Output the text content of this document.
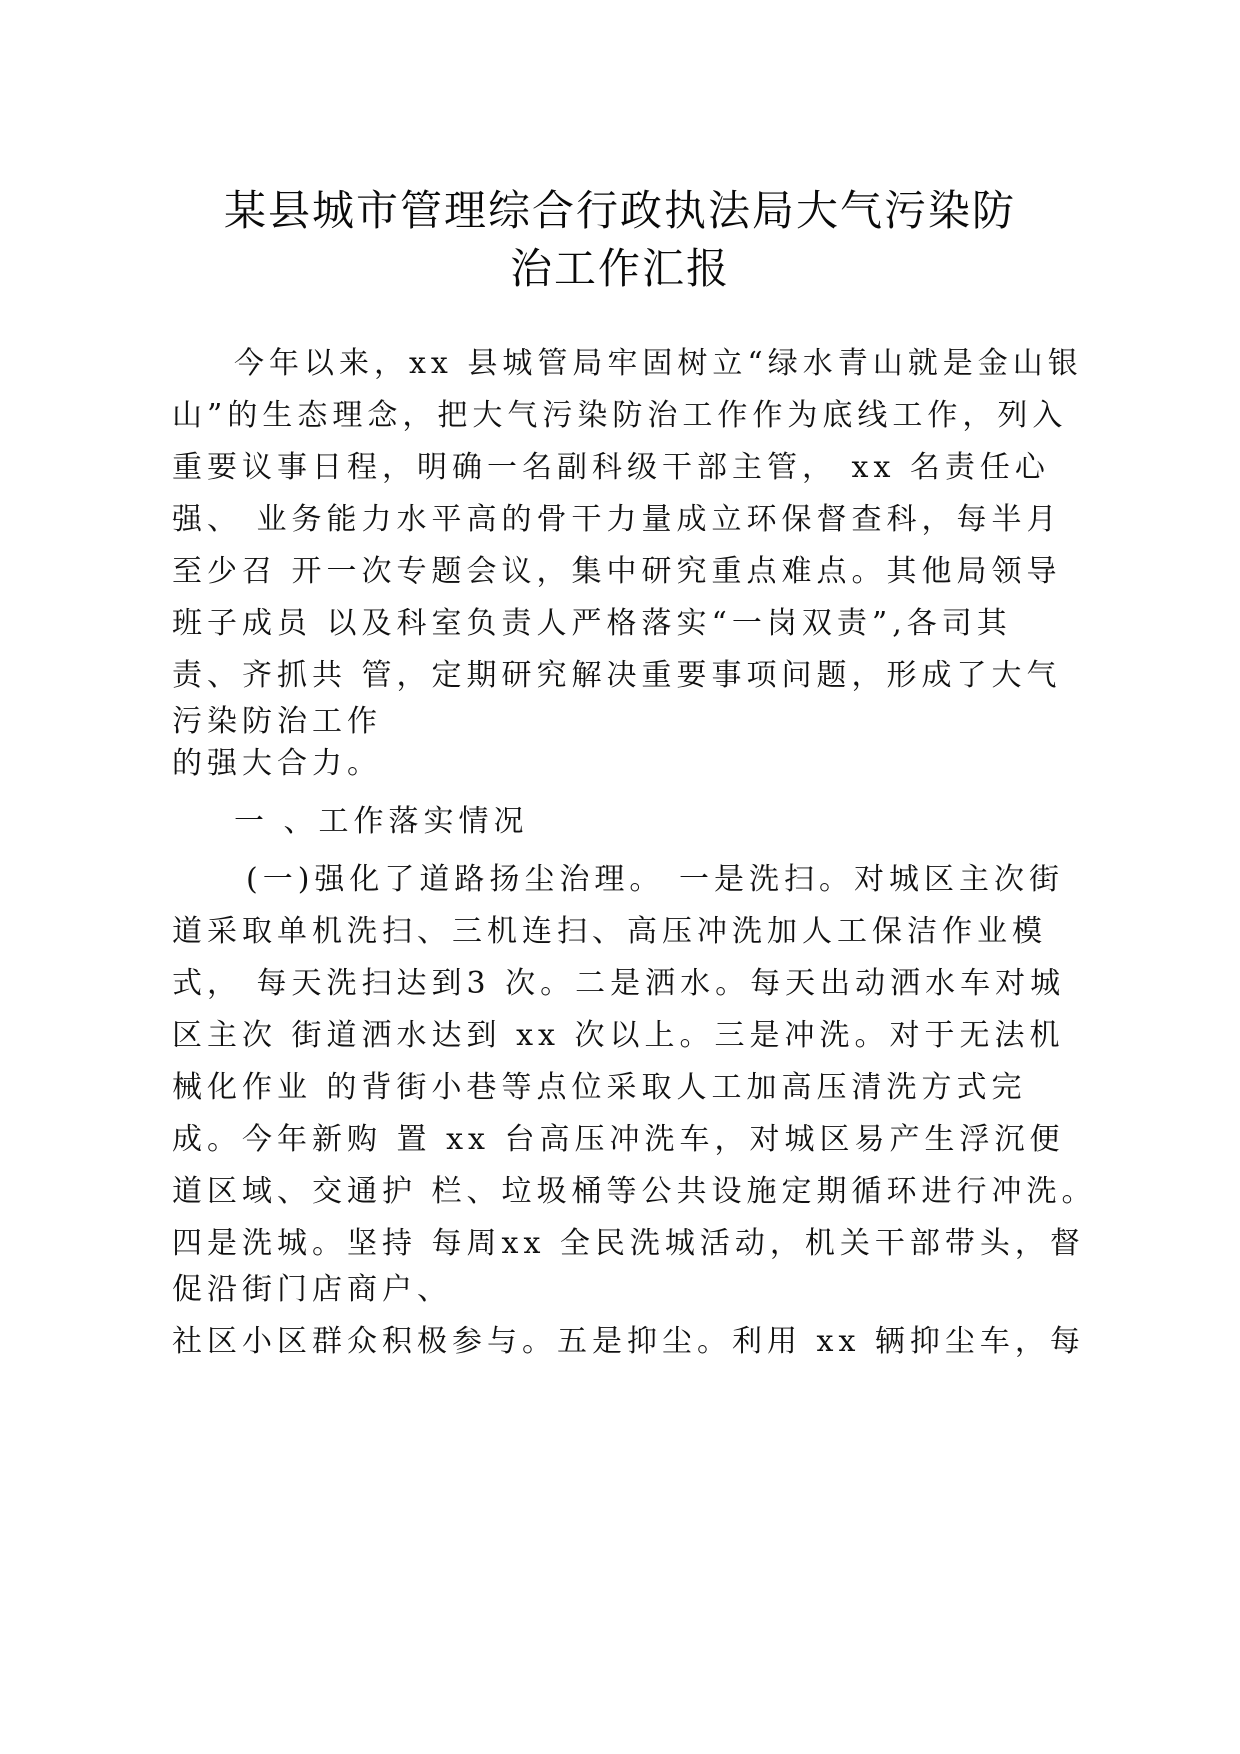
某县城市管理综合行政执法局大气污染防
治工作汇报
今年以来，xx 县城管局牢固树立“绿水青山就是金山银
山”的生态理念，把大气污染防治工作作为底线工作，列入
重要议事日程，明确一名副科级干部主管， xx 名责任心
强、 业务能力水平高的骨干力量成立环保督查科，每半月
至少召 开一次专题会议，集中研究重点难点。其他局领导
班子成员 以及科室负责人严格落实“一岗双责”,各司其
责、齐抓共 管，定期研究解决重要事项问题，形成了大气
污染防治工作
的强大合力。
一 、工作落实情况
(一)强化了道路扬尘治理。 一是洗扫。对城区主次街
道采取单机洗扫、三机连扫、高压冲洗加人工保洁作业模
式， 每天洗扫达到3 次。二是洒水。每天出动洒水车对城
区主次 街道洒水达到 xx 次以上。三是冲洗。对于无法机
械化作业 的背街小巷等点位采取人工加高压清洗方式完
成。今年新购 置 xx 台高压冲洗车，对城区易产生浮沉便
道区域、交通护 栏、垃圾桶等公共设施定期循环进行冲洗。
四是洗城。坚持 每周xx 全民洗城活动，机关干部带头，督
促沿街门店商户、
社区小区群众积极参与。五是抑尘。利用 xx 辆抑尘车，每
